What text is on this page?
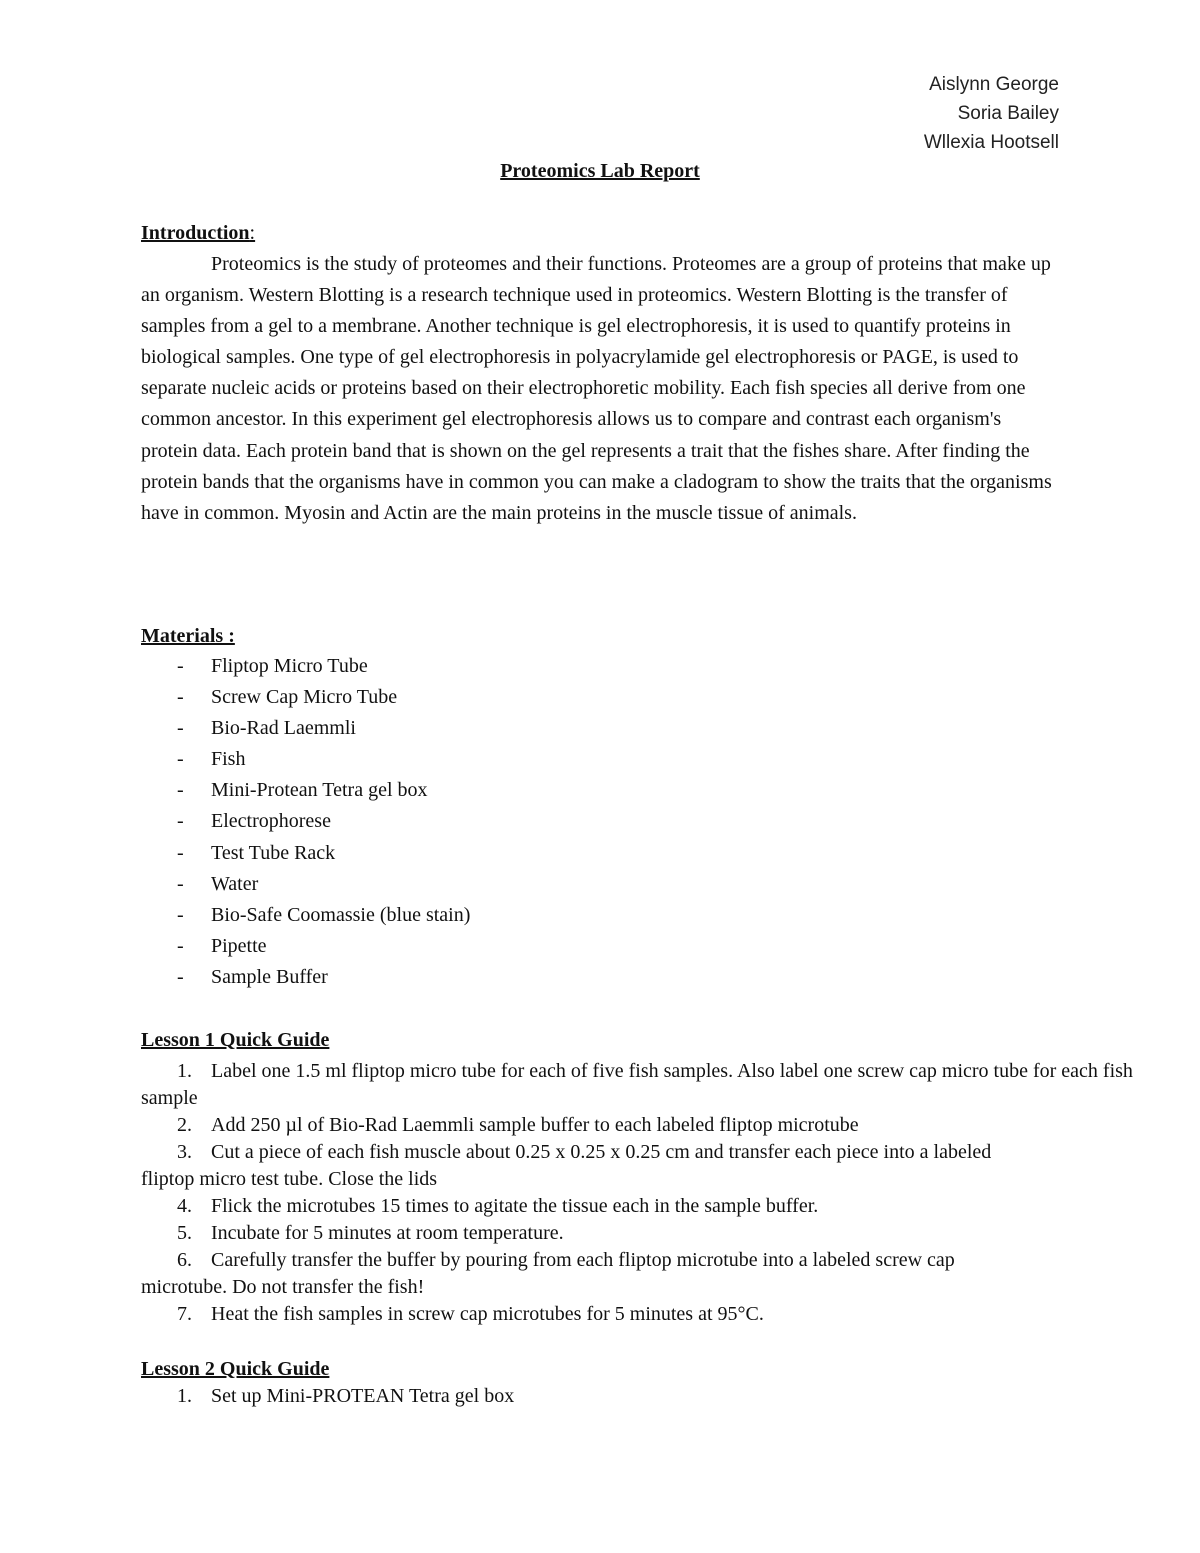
Aislynn George
Soria Bailey
Wllexia Hootsell
Proteomics Lab Report
Introduction:

Proteomics is the study of proteomes and their functions. Proteomes are a group of proteins that make up an organism. Western Blotting is a research technique used in proteomics. Western Blotting is the transfer of samples from a gel to a membrane. Another technique is gel electrophoresis, it is used to quantify proteins in biological samples. One type of gel electrophoresis in polyacrylamide gel electrophoresis or PAGE, is used to separate nucleic acids or proteins based on their electrophoretic mobility. Each fish species all derive from one common ancestor. In this experiment gel electrophoresis allows us to compare and contrast each organism's protein data. Each protein band that is shown on the gel represents a trait that the fishes share. After finding the protein bands that the organisms have in common you can make a cladogram to show the traits that the organisms have in common. Myosin and Actin are the main proteins in the muscle tissue of animals.

Materials :
- Fliptop Micro Tube
- Screw Cap Micro Tube
- Bio-Rad Laemmli
- Fish
- Mini-Protean Tetra gel box
- Electrophorese
- Test Tube Rack
- Water
- Bio-Safe Coomassie (blue stain)
- Pipette
- Sample Buffer
Lesson 1 Quick Guide
1. Label one 1.5 ml fliptop micro tube for each of five fish samples. Also label one screw cap micro tube for each fish sample
2. Add 250 µl of Bio-Rad Laemmli sample buffer to each labeled fliptop microtube
3. Cut a piece of each fish muscle about 0.25 x 0.25 x 0.25 cm and transfer each piece into a labeled fliptop micro test tube. Close the lids
4. Flick the microtubes 15 times to agitate the tissue each in the sample buffer.
5. Incubate for 5 minutes at room temperature.
6. Carefully transfer the buffer by pouring from each fliptop microtube into a labeled screw cap microtube. Do not transfer the fish!
7. Heat the fish samples in screw cap microtubes for 5 minutes at 95°C.
Lesson 2 Quick Guide
1. Set up Mini-PROTEAN Tetra gel box
